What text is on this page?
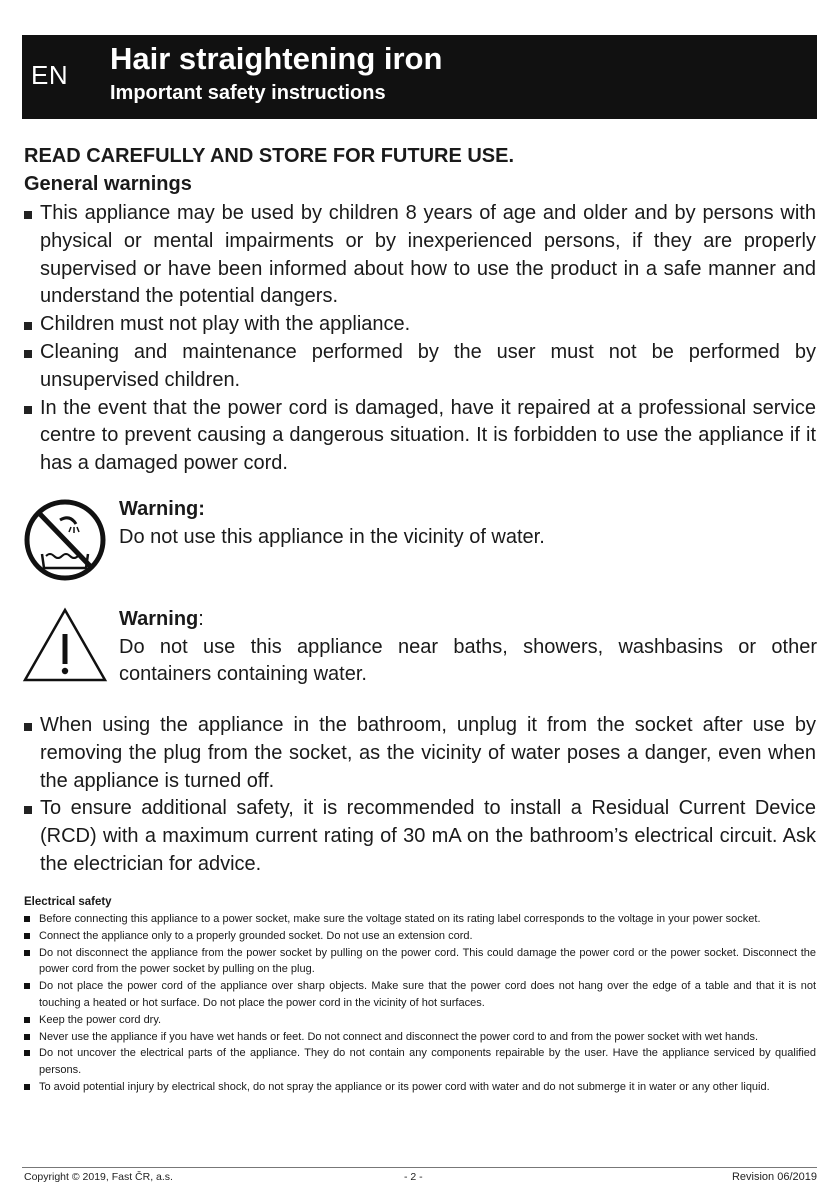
EN Hair straightening iron
Important safety instructions
READ CAREFULLY AND STORE FOR FUTURE USE.
General warnings
This appliance may be used by children 8 years of age and older and by persons with physical or mental impairments or by inexperienced persons, if they are properly supervised or have been informed about how to use the product in a safe manner and understand the potential dangers.
Children must not play with the appliance.
Cleaning and maintenance performed by the user must not be performed by unsupervised children.
In the event that the power cord is damaged, have it repaired at a professional service centre to prevent causing a dangerous situation. It is forbidden to use the appliance if it has a damaged power cord.
Warning:
Do not use this appliance in the vicinity of water.
Warning:
Do not use this appliance near baths, showers, washbasins or other containers containing water.
When using the appliance in the bathroom, unplug it from the socket after use by removing the plug from the socket, as the vicinity of water poses a danger, even when the appliance is turned off.
To ensure additional safety, it is recommended to install a Residual Current Device (RCD) with a maximum current rating of 30 mA on the bathroom’s electrical circuit. Ask the electrician for advice.
Electrical safety
Before connecting this appliance to a power socket, make sure the voltage stated on its rating label corresponds to the voltage in your power socket.
Connect the appliance only to a properly grounded socket. Do not use an extension cord.
Do not disconnect the appliance from the power socket by pulling on the power cord. This could damage the power cord or the power socket. Disconnect the power cord from the power socket by pulling on the plug.
Do not place the power cord of the appliance over sharp objects. Make sure that the power cord does not hang over the edge of a table and that it is not touching a heated or hot surface. Do not place the power cord in the vicinity of hot surfaces.
Keep the power cord dry.
Never use the appliance if you have wet hands or feet. Do not connect and disconnect the power cord to and from the power socket with wet hands.
Do not uncover the electrical parts of the appliance. They do not contain any components repairable by the user. Have the appliance serviced by qualified persons.
To avoid potential injury by electrical shock, do not spray the appliance or its power cord with water and do not submerge it in water or any other liquid.
Copyright © 2019, Fast ČR, a.s.	- 2 -	Revision 06/2019
